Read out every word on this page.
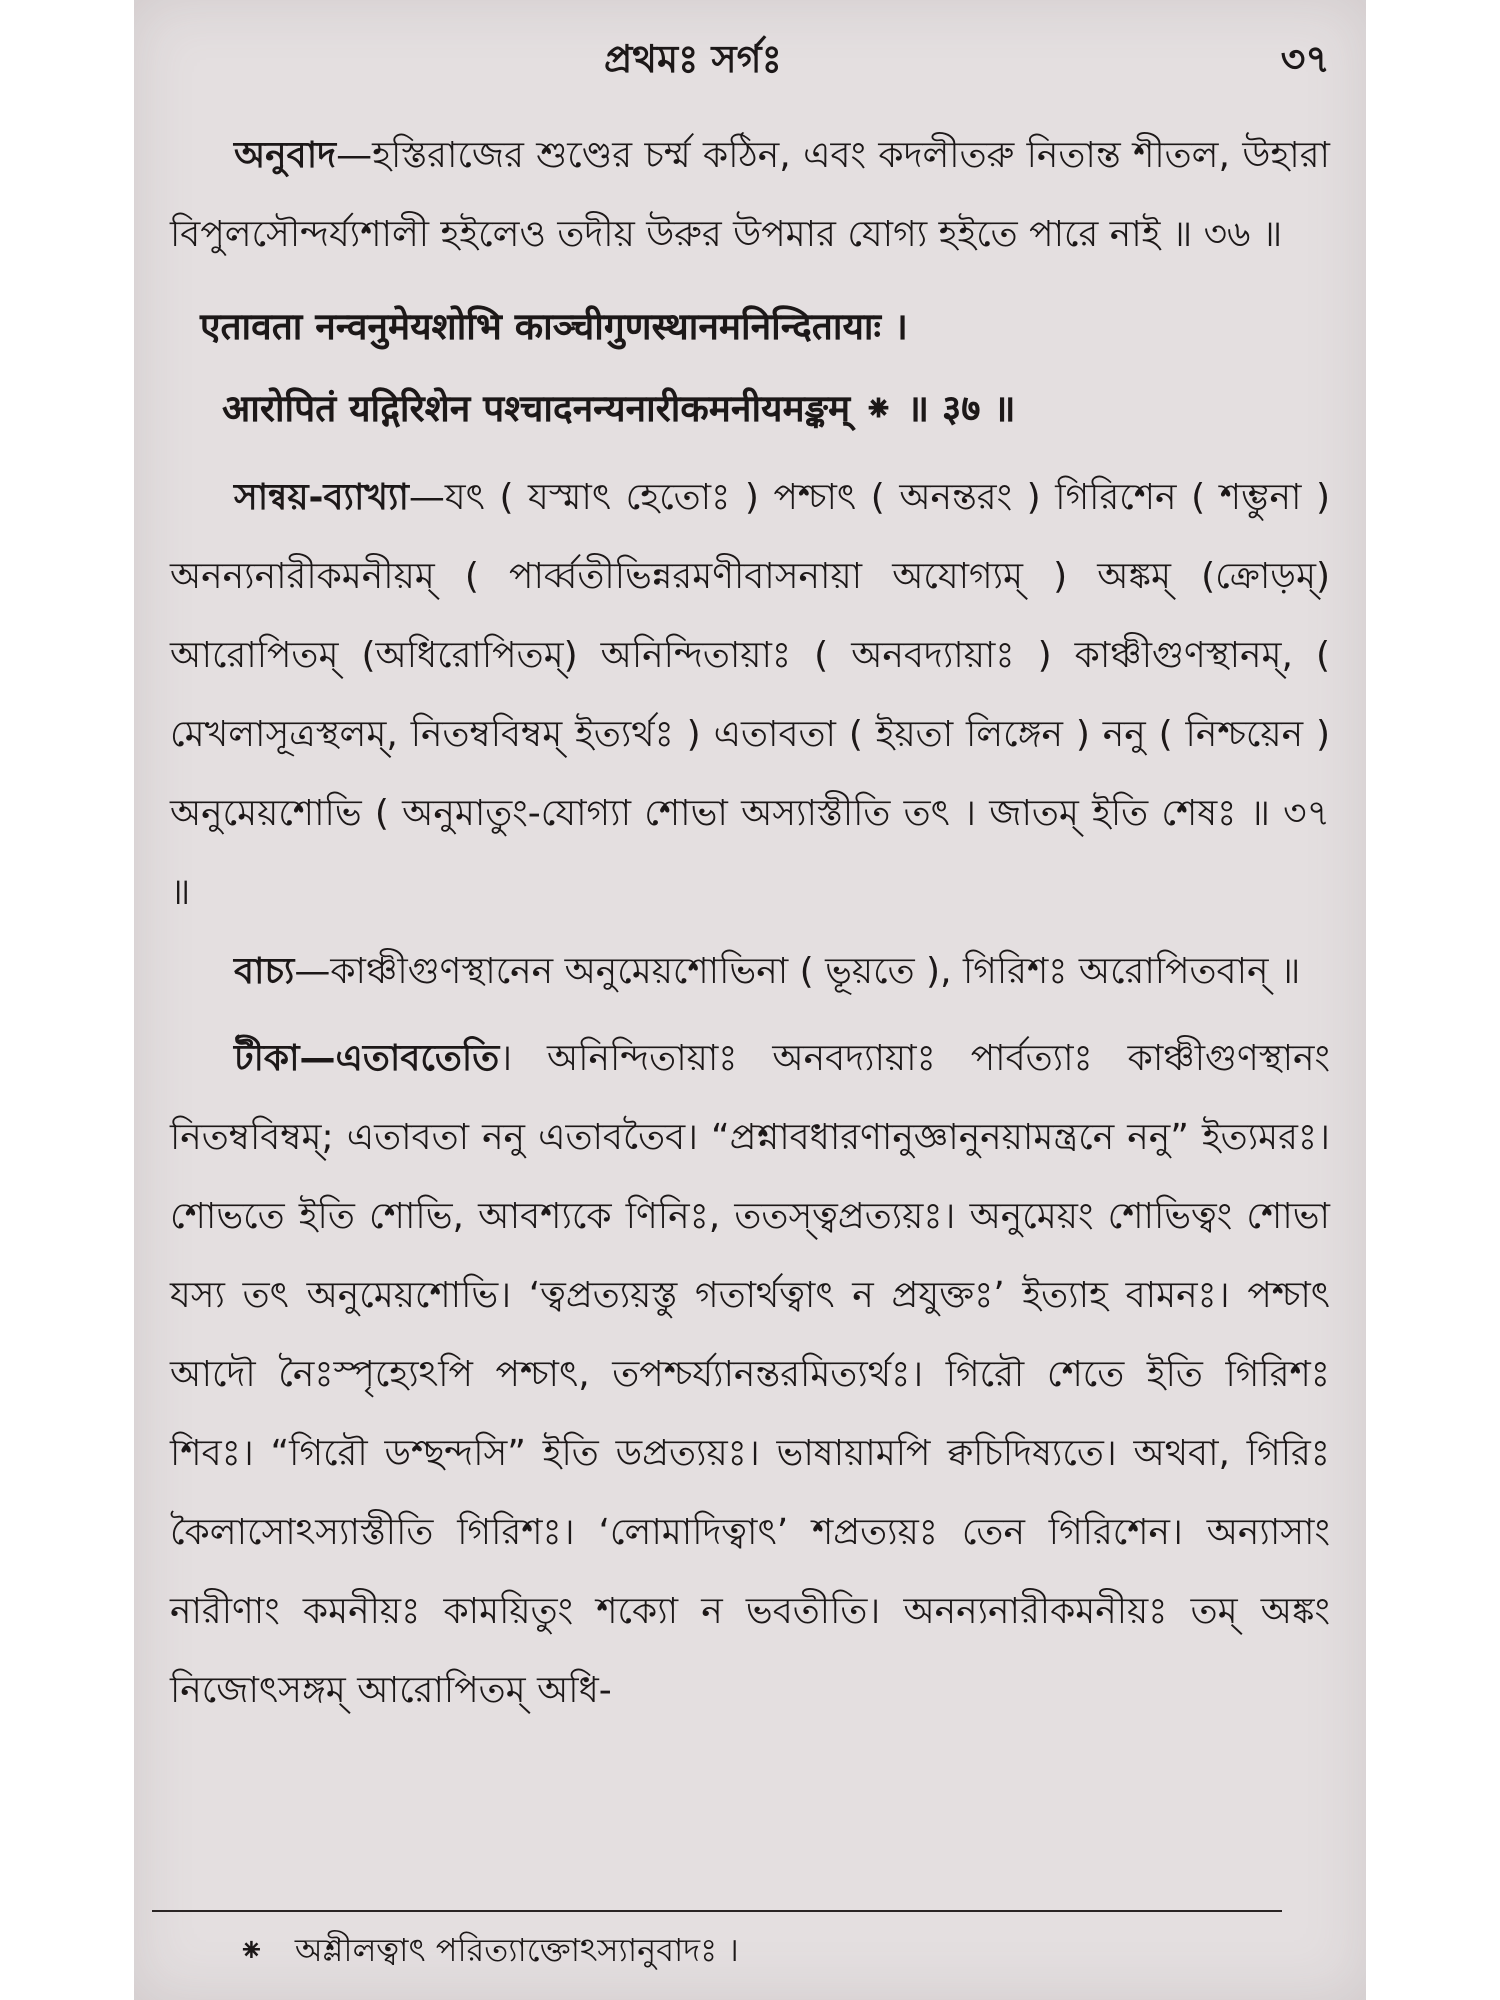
প্রথমঃ সর্গঃ	৩৭

অনুবাদ—হস্তিরাজের শুণ্ডের চর্ম্ম কঠিন, এবং কদলীতরু নিতান্ত শীতল, উহারা বিপুলসৌন্দর্য্যশালী হইলেও তদীয় উরুর উপমার যোগ্য হইতে পারে নাই ॥ ৩৬ ॥

एतावता नन्वनुमेयशोभि काञ्चीगुणस्थानमनिन्दितायाः ।

आरोपितं यद्गिरिशेन पश्चादनन्यनारीकमनीयमङ्कम् ⁕ ॥ ३७ ॥

সান্বয়-ব্যাখ্যা—যৎ ( যস্মাৎ হেতোঃ ) পশ্চাৎ ( অনন্তরং ) গিরিশেন ( শম্ভুনা ) অনন্যনারীকমনীয়ম্ ( পার্ব্বতীভিন্নরমণীবাসনায়া অযোগ্যম্ ) অঙ্কম্ (ক্রোড়ম্) আরোপিতম্ (অধিরোপিতম্) অনিন্দিতায়াঃ ( অনবদ্যায়াঃ ) কাঞ্চীগুণস্থানম্, ( মেখলাসূত্রস্থলম্, নিতম্ববিম্বম্ ইত্যর্থঃ ) এতাবতা ( ইয়তা লিঙ্গেন ) ননু ( নিশ্চয়েন ) অনুমেয়শোভি ( অনুমাতুং-যোগ্যা শোভা অস্যাস্তীতি তৎ । জাতম্ ইতি শেষঃ ॥ ৩৭ ॥

বাচ্য—কাঞ্চীগুণস্থানেন অনুমেয়শোভিনা ( ভূয়তে ), গিরিশঃ অরোপিতবান্ ॥

টীকা—এতাবতেতি। অনিন্দিতায়াঃ অনবদ্যায়াঃ পার্বত্যাঃ কাঞ্চীগুণস্থানং নিতম্ববিম্বম্; এতাবতা ননু এতাবতৈব। “প্রশ্নাবধারণানুজ্ঞানুনয়ামন্ত্রনে ননু” ইত্যমরঃ। শোভতে ইতি শোভি, আবশ্যকে ণিনিঃ, ততস্ত্বপ্রত্যয়ঃ। অনুমেয়ং শোভিত্বং শোভা যস্য তৎ অনুমেয়শোভি। ‘ত্বপ্রত্যয়স্তু গতার্থত্বাৎ ন প্রযুক্তঃ’ ইত্যাহ বামনঃ। পশ্চাৎ আদৌ নৈঃস্পৃহ্যেঽপি পশ্চাৎ, তপশ্চর্য্যানন্তরমিত্যর্থঃ। গিরৌ শেতে ইতি গিরিশঃ শিবঃ। “গিরৌ ডশ্ছন্দসি” ইতি ডপ্রত্যয়ঃ। ভাষায়ামপি ক্বচিদিষ্যতে। অথবা, গিরিঃ কৈলাসোঽস্যাস্তীতি গিরিশঃ। ‘লোমাদিত্বাৎ’ শপ্রত্যয়ঃ তেন গিরিশেন। অন্যাসাং নারীণাং কমনীয়ঃ কাময়িতুং শক্যো ন ভবতীতি। অনন্যনারীকমনীয়ঃ তম্ অঙ্কং নিজোৎসঙ্গম্ আরোপিতম্ অধি-

⁕ অশ্লীলত্বাৎ পরিত্যাক্তোঽস্যানুবাদঃ ।
